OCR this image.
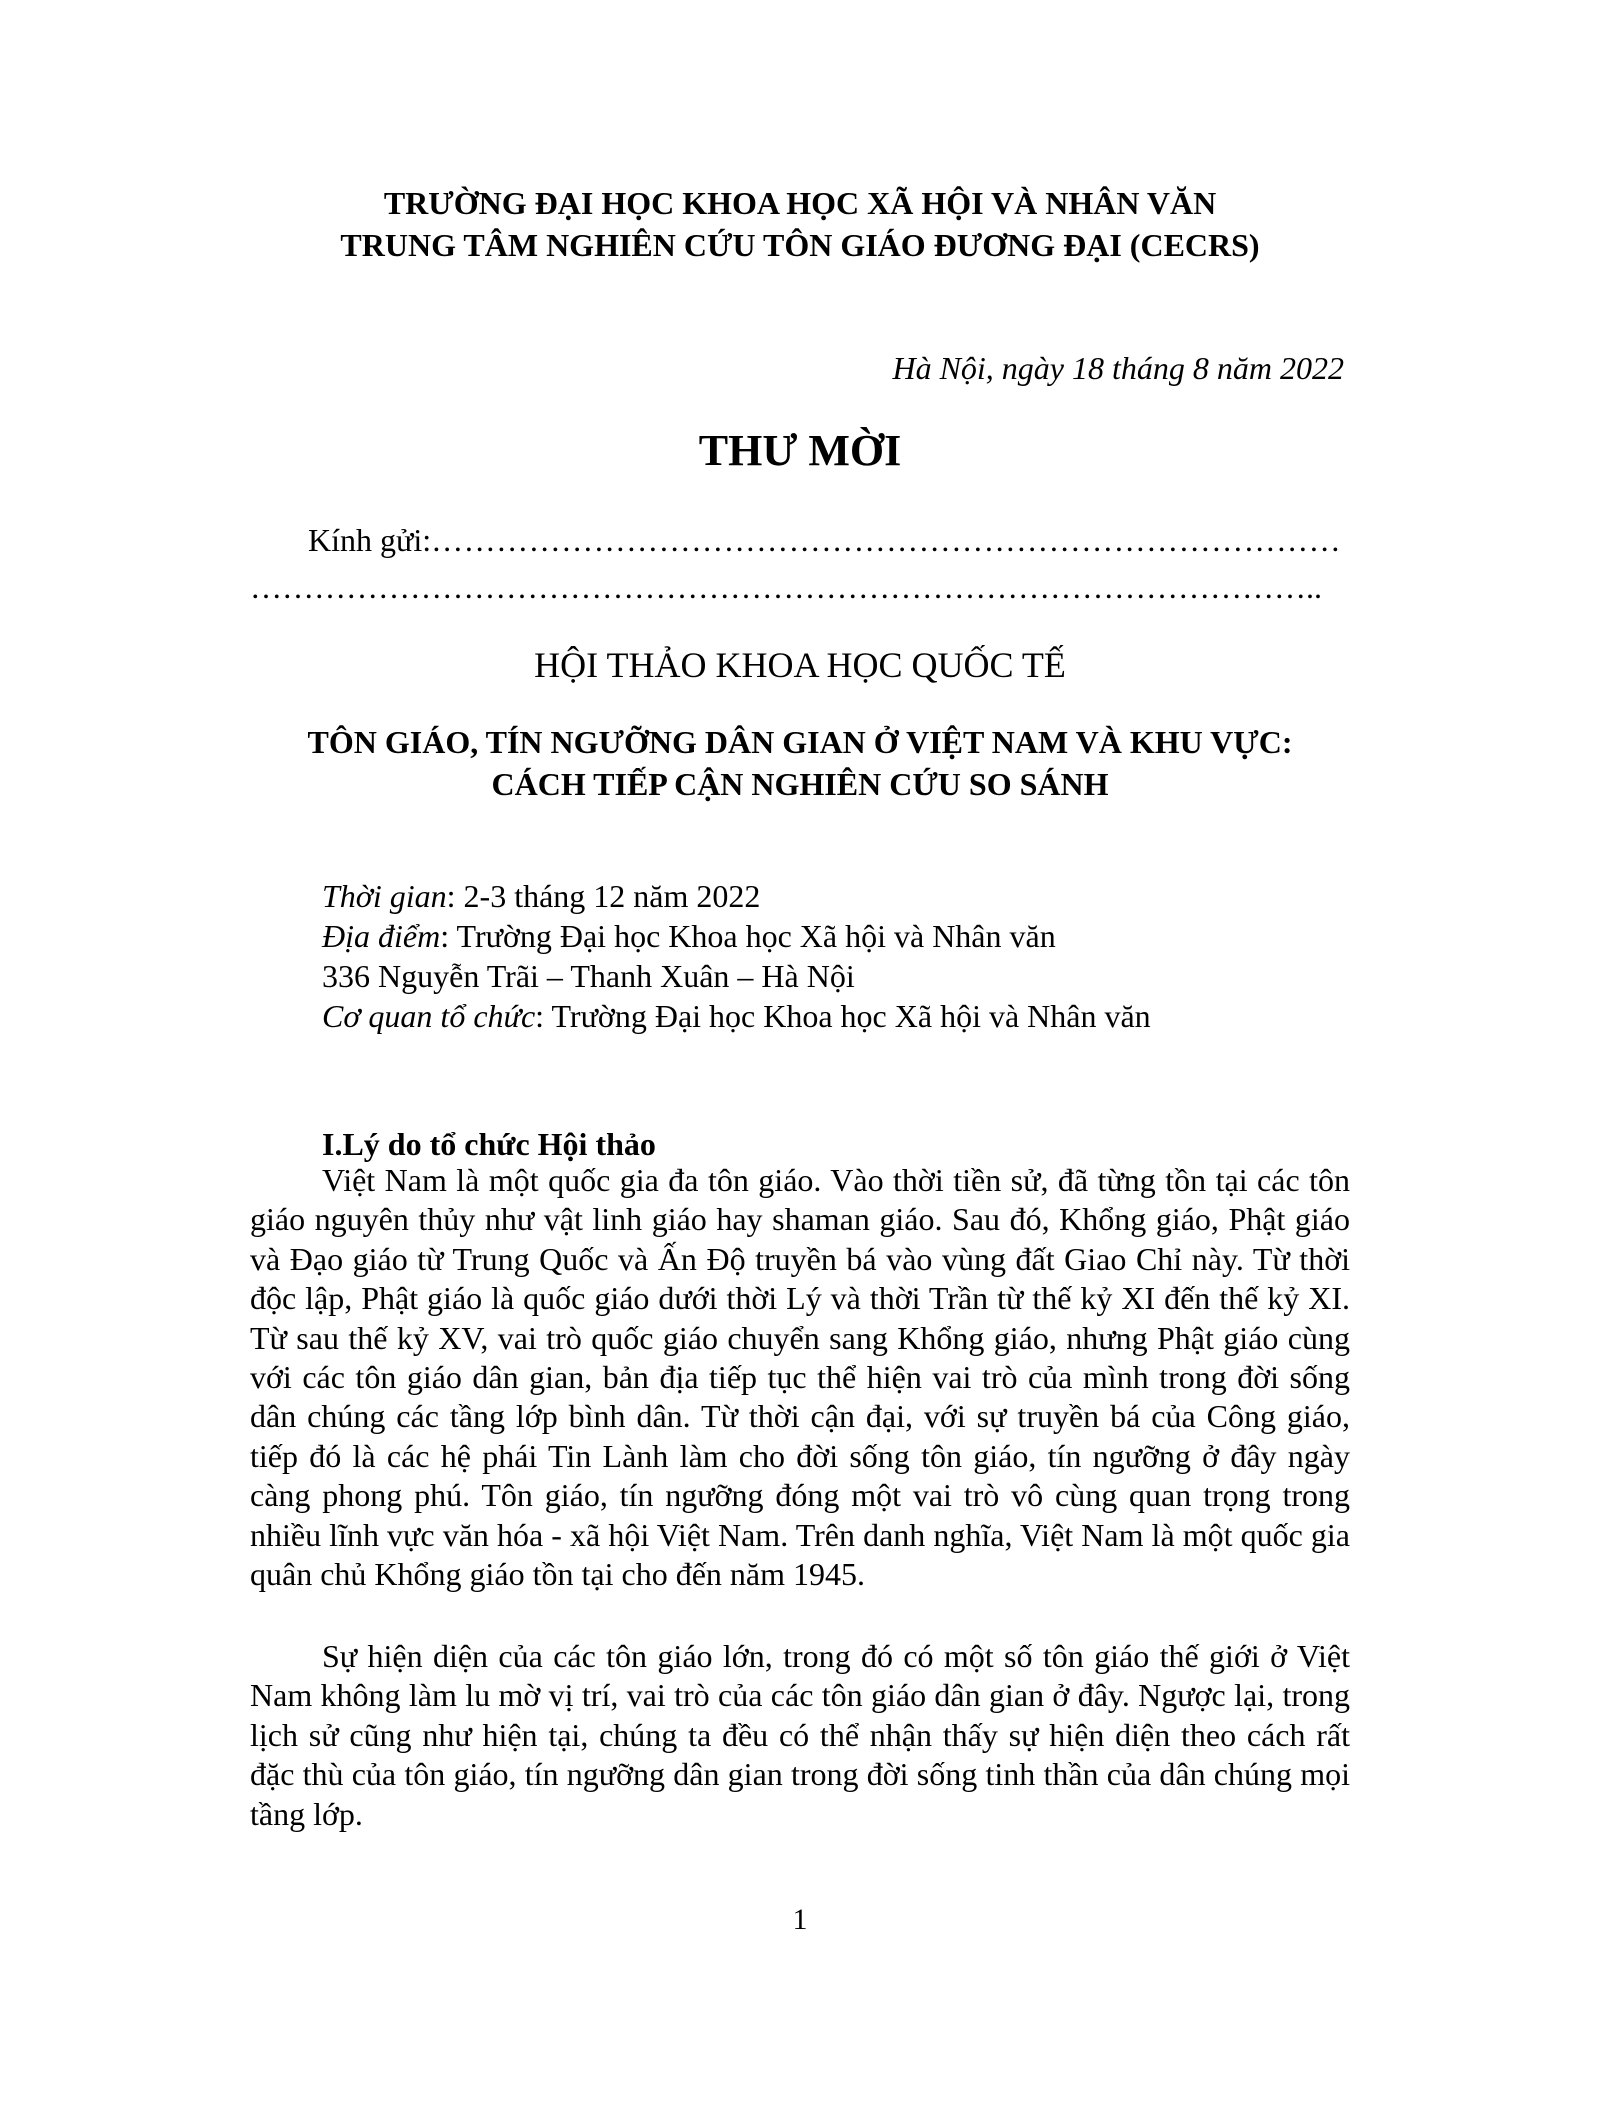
TRƯỜNG ĐẠI HỌC KHOA HỌC XÃ HỘI VÀ NHÂN VĂN
TRUNG TÂM NGHIÊN CỨU TÔN GIÁO ĐƯƠNG ĐẠI (CECRS)
Hà Nội, ngày 18 tháng 8 năm 2022
THƯ MỜI
Kính gửi:…………………………………………………………………………
………………………………………………………………………………………..
HỘI THẢO KHOA HỌC QUỐC TẾ
TÔN GIÁO, TÍN NGƯỠNG DÂN GIAN Ở VIỆT NAM VÀ KHU VỰC:
CÁCH TIẾP CẬN NGHIÊN CỨU SO SÁNH
Thời gian: 2-3 tháng 12 năm 2022
Địa điểm: Trường Đại học Khoa học Xã hội và Nhân văn
336 Nguyễn Trãi – Thanh Xuân – Hà Nội
Cơ quan tổ chức: Trường Đại học Khoa học Xã hội và Nhân văn
I.Lý do tổ chức Hội thảo

Việt Nam là một quốc gia đa tôn giáo. Vào thời tiền sử, đã từng tồn tại các tôn giáo nguyên thủy như vật linh giáo hay shaman giáo. Sau đó, Khổng giáo, Phật giáo và Đạo giáo từ Trung Quốc và Ấn Độ truyền bá vào vùng đất Giao Chỉ này. Từ thời độc lập, Phật giáo là quốc giáo dưới thời Lý và thời Trần từ thế kỷ XI đến thế kỷ XI. Từ sau thế kỷ XV, vai trò quốc giáo chuyển sang Khổng giáo, nhưng Phật giáo cùng với các tôn giáo dân gian, bản địa tiếp tục thể hiện vai trò của mình trong đời sống dân chúng các tầng lớp bình dân. Từ thời cận đại, với sự truyền bá của Công giáo, tiếp đó là các hệ phái Tin Lành làm cho đời sống tôn giáo, tín ngưỡng ở đây ngày càng phong phú. Tôn giáo, tín ngưỡng đóng một vai trò vô cùng quan trọng trong nhiều lĩnh vực văn hóa - xã hội Việt Nam. Trên danh nghĩa, Việt Nam là một quốc gia quân chủ Khổng giáo tồn tại cho đến năm 1945.

Sự hiện diện của các tôn giáo lớn, trong đó có một số tôn giáo thế giới ở Việt Nam không làm lu mờ vị trí, vai trò của các tôn giáo dân gian ở đây. Ngược lại, trong lịch sử cũng như hiện tại, chúng ta đều có thể nhận thấy sự hiện diện theo cách rất đặc thù của tôn giáo, tín ngưỡng dân gian trong đời sống tinh thần của dân chúng mọi tầng lớp.

1
